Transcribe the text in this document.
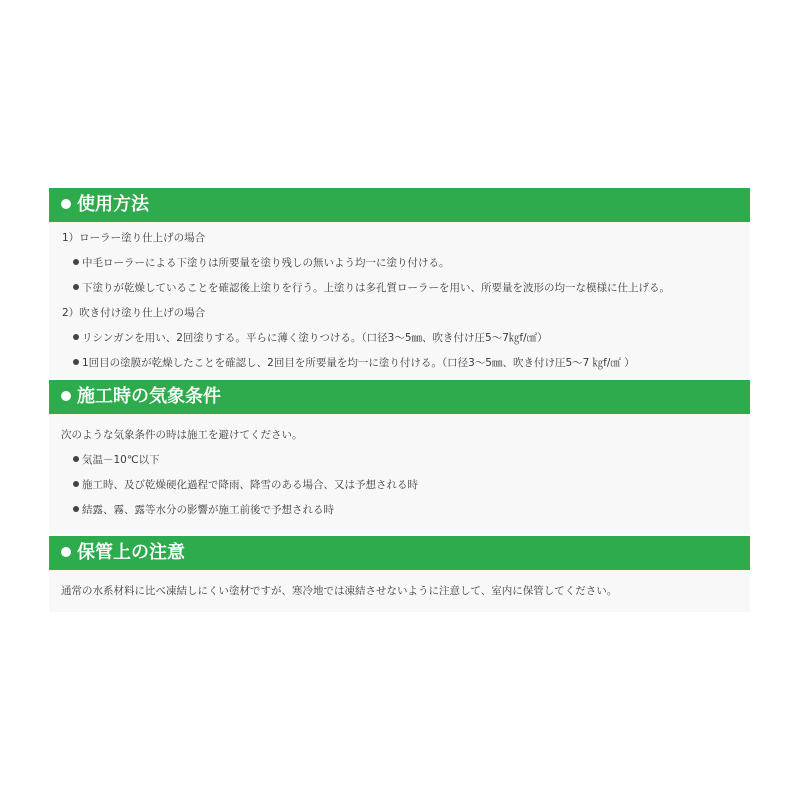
使用方法
1）ローラー塗り仕上げの場合
中毛ローラーによる下塗りは所要量を塗り残しの無いよう均一に塗り付ける。
下塗りが乾燥していることを確認後上塗りを行う。上塗りは多孔質ローラーを用い、所要量を波形の均一な模様に仕上げる。
2）吹き付け塗り仕上げの場合
リシンガンを用い、2回塗りする。平らに薄く塗りつける。（口径3～5㎜、吹き付け圧5～7㎏f/㎠）
1回目の塗膜が乾燥したことを確認し、2回目を所要量を均一に塗り付ける。（口径3～5㎜、吹き付け圧5～7 ㎏f/㎠ ）
施工時の気象条件
次のような気象条件の時は施工を避けてください。
気温－10℃以下
施工時、及び乾燥硬化過程で降雨、降雪のある場合、又は予想される時
結露、霧、露等水分の影響が施工前後で予想される時
保管上の注意
通常の水系材料に比べ凍結しにくい塗材ですが、寒冷地では凍結させないように注意して、室内に保管してください。
